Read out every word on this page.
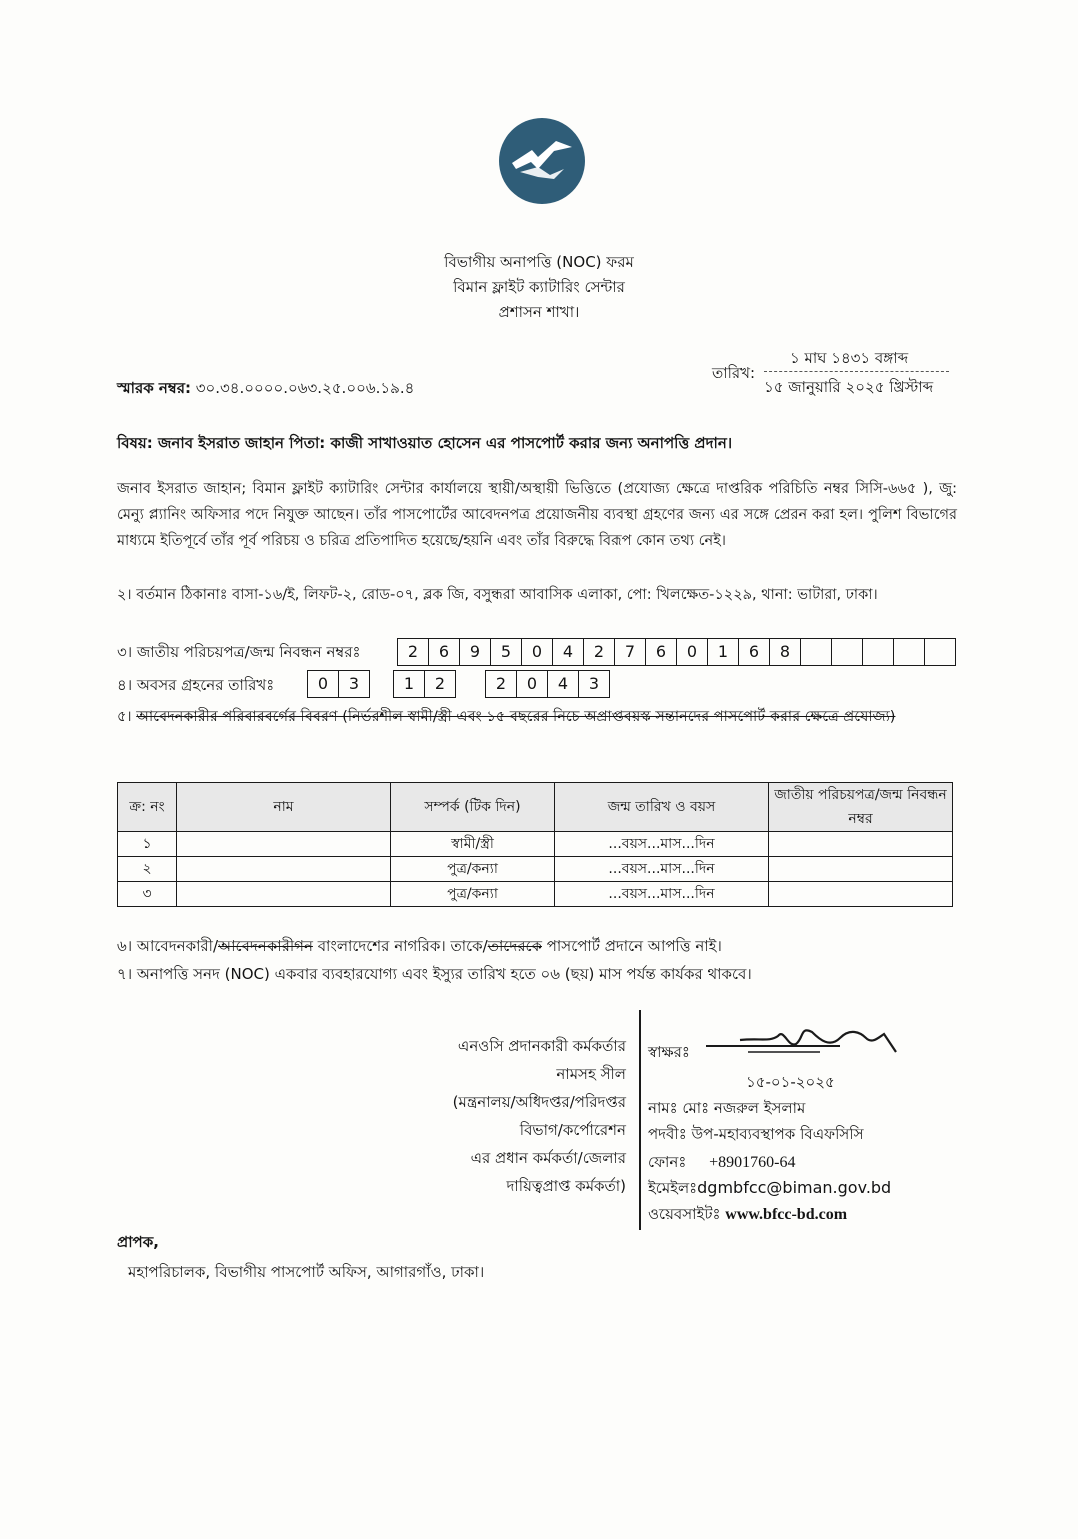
বিভাগীয় অনাপত্তি (NOC) ফরম
বিমান ফ্লাইট ক্যাটারিং সেন্টার
প্রশাসন শাখা।
স্মারক নম্বর: ৩০.৩৪.০০০০.০৬৩.২৫.০০৬.১৯.৪
তারিখ:
১ মাঘ ১৪৩১ বঙ্গাব্দ
১৫ জানুয়ারি ২০২৫ খ্রিস্টাব্দ
বিষয়: জনাব ইসরাত জাহান পিতা: কাজী সাখাওয়াত হোসেন এর পাসপোর্ট করার জন্য অনাপত্তি প্রদান।
জনাব ইসরাত জাহান; বিমান ফ্লাইট ক্যাটারিং সেন্টার কার্যালয়ে স্থায়ী/অস্থায়ী ভিত্তিতে (প্রযোজ্য ক্ষেত্রে দাপ্তরিক পরিচিতি নম্বর সিসি-৬৬৫ ), জু: মেন্যু প্ল্যানিং অফিসার পদে নিযুক্ত আছেন। তাঁর পাসপোর্টের আবেদনপত্র প্রয়োজনীয় ব্যবস্থা গ্রহণের জন্য এর সঙ্গে প্রেরন করা হল। পুলিশ বিভাগের মাধ্যমে ইতিপূর্বে তাঁর পূর্ব পরিচয় ও চরিত্র প্রতিপাদিত হয়েছে/হয়নি এবং তাঁর বিরুদ্ধে বিরূপ কোন তথ্য নেই।
২। বর্তমান ঠিকানাঃ বাসা-১৬/ই, লিফট-২, রোড-০৭, ব্লক জি, বসুন্ধরা আবাসিক এলাকা, পো: খিলক্ষেত-১২২৯, থানা: ভাটারা, ঢাকা।
৩। জাতীয় পরিচয়পত্র/জন্ম নিবন্ধন নম্বরঃ	2	6	9	5	0	4	2	7	6	0	1	6	8
৪। অবসর গ্রহনের তারিখঃ	0	3	1	2	2	0	4	3
৫। আবেদনকারীর পরিবারবর্গের বিবরণ (নির্ভরশীল স্বামী/স্ত্রী এবং ১৫ বছরের নিচে অপ্রাপ্তবয়স্ক সন্তানদের পাসপোর্ট করার ক্ষেত্রে প্রযোজ্য)
ক্র: নং	নাম	সম্পর্ক (টিক দিন)	জন্ম তারিখ ও বয়স	জাতীয় পরিচয়পত্র/জন্ম নিবন্ধন নম্বর
১		স্বামী/স্ত্রী	...বয়স...মাস...দিন	
২		পুত্র/কন্যা	...বয়স...মাস...দিন	
৩		পুত্র/কন্যা	...বয়স...মাস...দিন	
৬। আবেদনকারী/আবেদনকারীগন বাংলাদেশের নাগরিক। তাকে/তাদেরকে পাসপোর্ট প্রদানে আপত্তি নাই।
৭। অনাপত্তি সনদ (NOC) একবার ব্যবহারযোগ্য এবং ইস্যুর তারিখ হতে ০৬ (ছয়) মাস পর্যন্ত কার্যকর থাকবে।
এনওসি প্রদানকারী কর্মকর্তার
নামসহ সীল
(মন্ত্রনালয়/অধিদপ্তর/পরিদপ্তর
বিভাগ/কর্পোরেশন
এর প্রধান কর্মকর্তা/জেলার
দায়িত্বপ্রাপ্ত কর্মকর্তা)
স্বাক্ষরঃ
১৫-০১-২০২৫
নামঃ মোঃ নজরুল ইসলাম
পদবীঃ উপ-মহাব্যবস্থাপক বিএফসিসি
ফোনঃ +8901760-64
ইমেইলঃdgmbfcc@biman.gov.bd
ওয়েবসাইটঃ www.bfcc-bd.com
প্রাপক,
মহাপরিচালক, বিভাগীয় পাসপোর্ট অফিস, আগারগাঁও, ঢাকা।
